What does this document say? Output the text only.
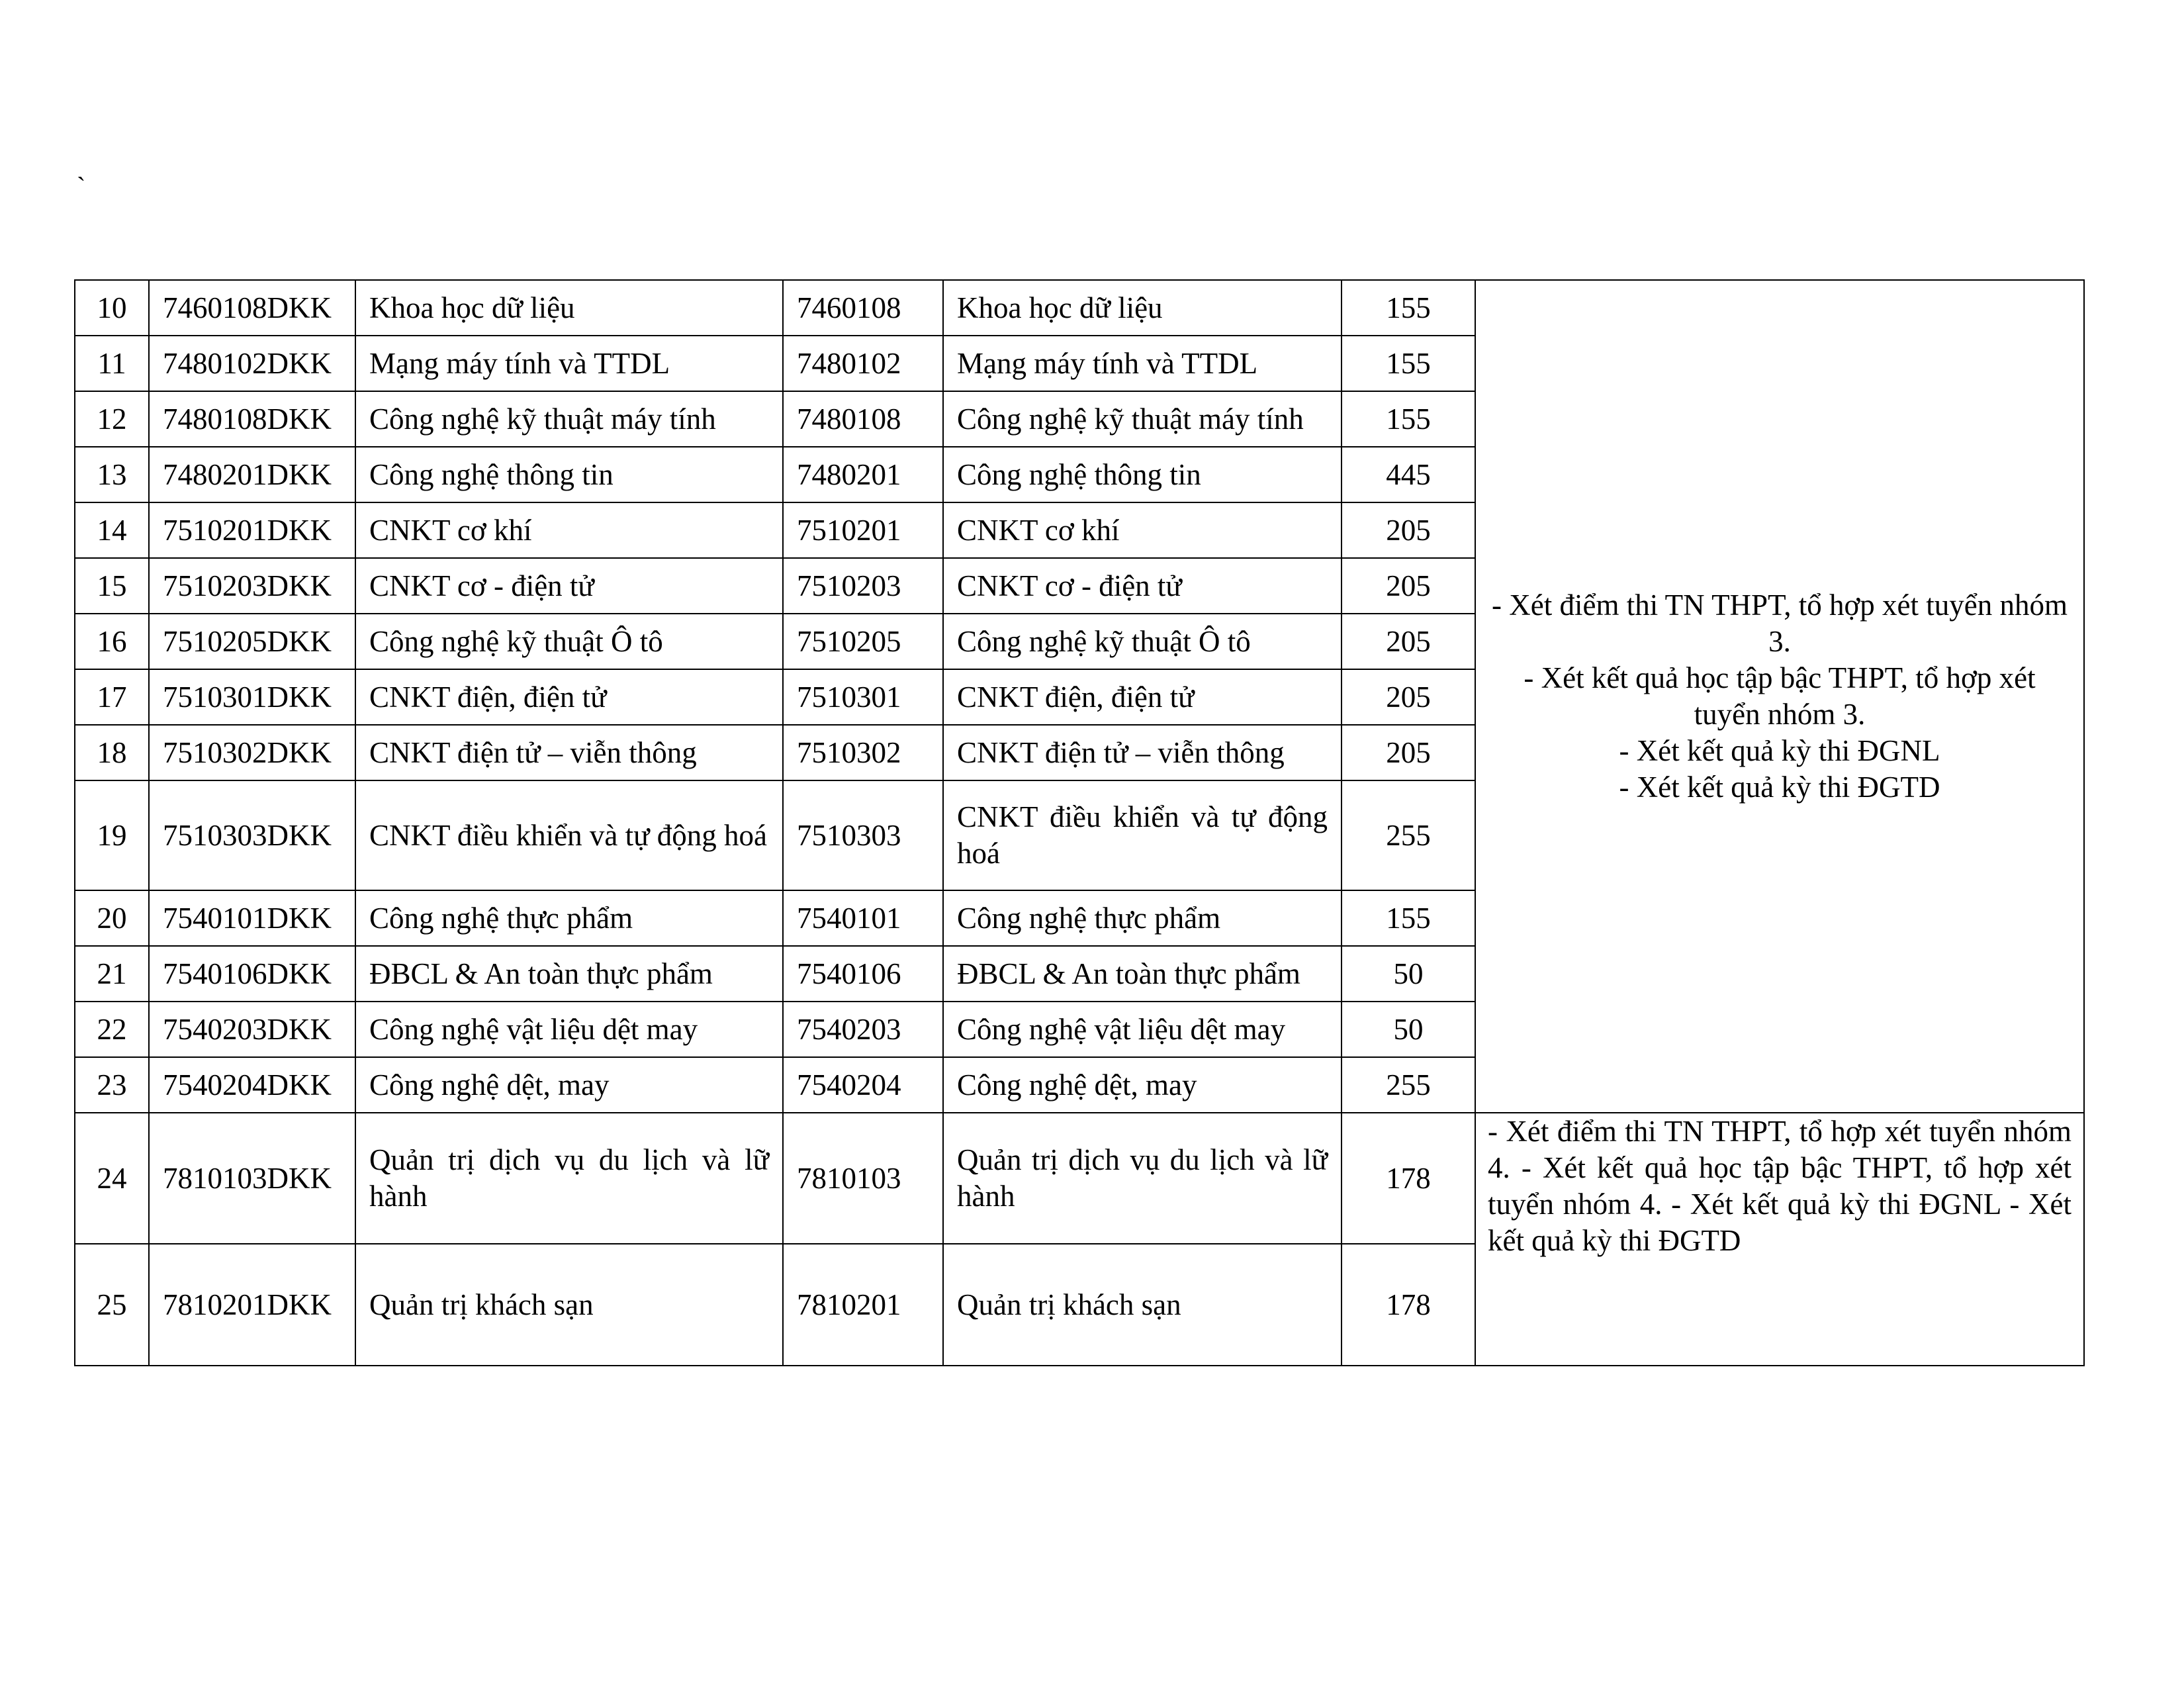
`
10	7460108DKK	Khoa học dữ liệu	7460108	Khoa học dữ liệu	155	- Xét điểm thi TN THPT, tổ hợp xét tuyển nhóm 3.
- Xét kết quả học tập bậc THPT, tổ hợp xét tuyển nhóm 3.
- Xét kết quả kỳ thi ĐGNL
- Xét kết quả kỳ thi ĐGTD

11	7480102DKK	Mạng máy tính và TTDL	7480102	Mạng máy tính và TTDL	155	
12	7480108DKK	Công nghệ kỹ thuật máy tính	7480108	Công nghệ kỹ thuật máy tính	155	
13	7480201DKK	Công nghệ thông tin	7480201	Công nghệ thông tin	445	
14	7510201DKK	CNKT cơ khí	7510201	CNKT cơ khí	205	
15	7510203DKK	CNKT cơ - điện tử	7510203	CNKT cơ - điện tử	205	
16	7510205DKK	Công nghệ kỹ thuật Ô tô	7510205	Công nghệ kỹ thuật Ô tô	205	
17	7510301DKK	CNKT điện, điện tử	7510301	CNKT điện, điện tử	205	
18	7510302DKK	CNKT điện tử – viễn thông	7510302	CNKT điện tử – viễn thông	205	
19	7510303DKK	CNKT điều khiển và tự động hoá	7510303	CNKT điều khiển và tự động hoá	255	
20	7540101DKK	Công nghệ thực phẩm	7540101	Công nghệ thực phẩm	155	
21	7540106DKK	ĐBCL & An toàn thực phẩm	7540106	ĐBCL & An toàn thực phẩm	50	
22	7540203DKK	Công nghệ vật liệu dệt may	7540203	Công nghệ vật liệu dệt may	50	
23	7540204DKK	Công nghệ dệt, may	7540204	Công nghệ dệt, may	255	
24	7810103DKK	Quản trị dịch vụ du lịch và lữ hành	7810103	Quản trị dịch vụ du lịch và lữ hành	178	- Xét điểm thi TN THPT, tổ hợp xét tuyển nhóm 4. - Xét kết quả học tập bậc THPT, tổ hợp xét tuyển nhóm 4. - Xét kết quả kỳ thi ĐGNL - Xét kết quả kỳ thi ĐGTD
25	7810201DKK	Quản trị khách sạn	7810201	Quản trị khách sạn	178	
